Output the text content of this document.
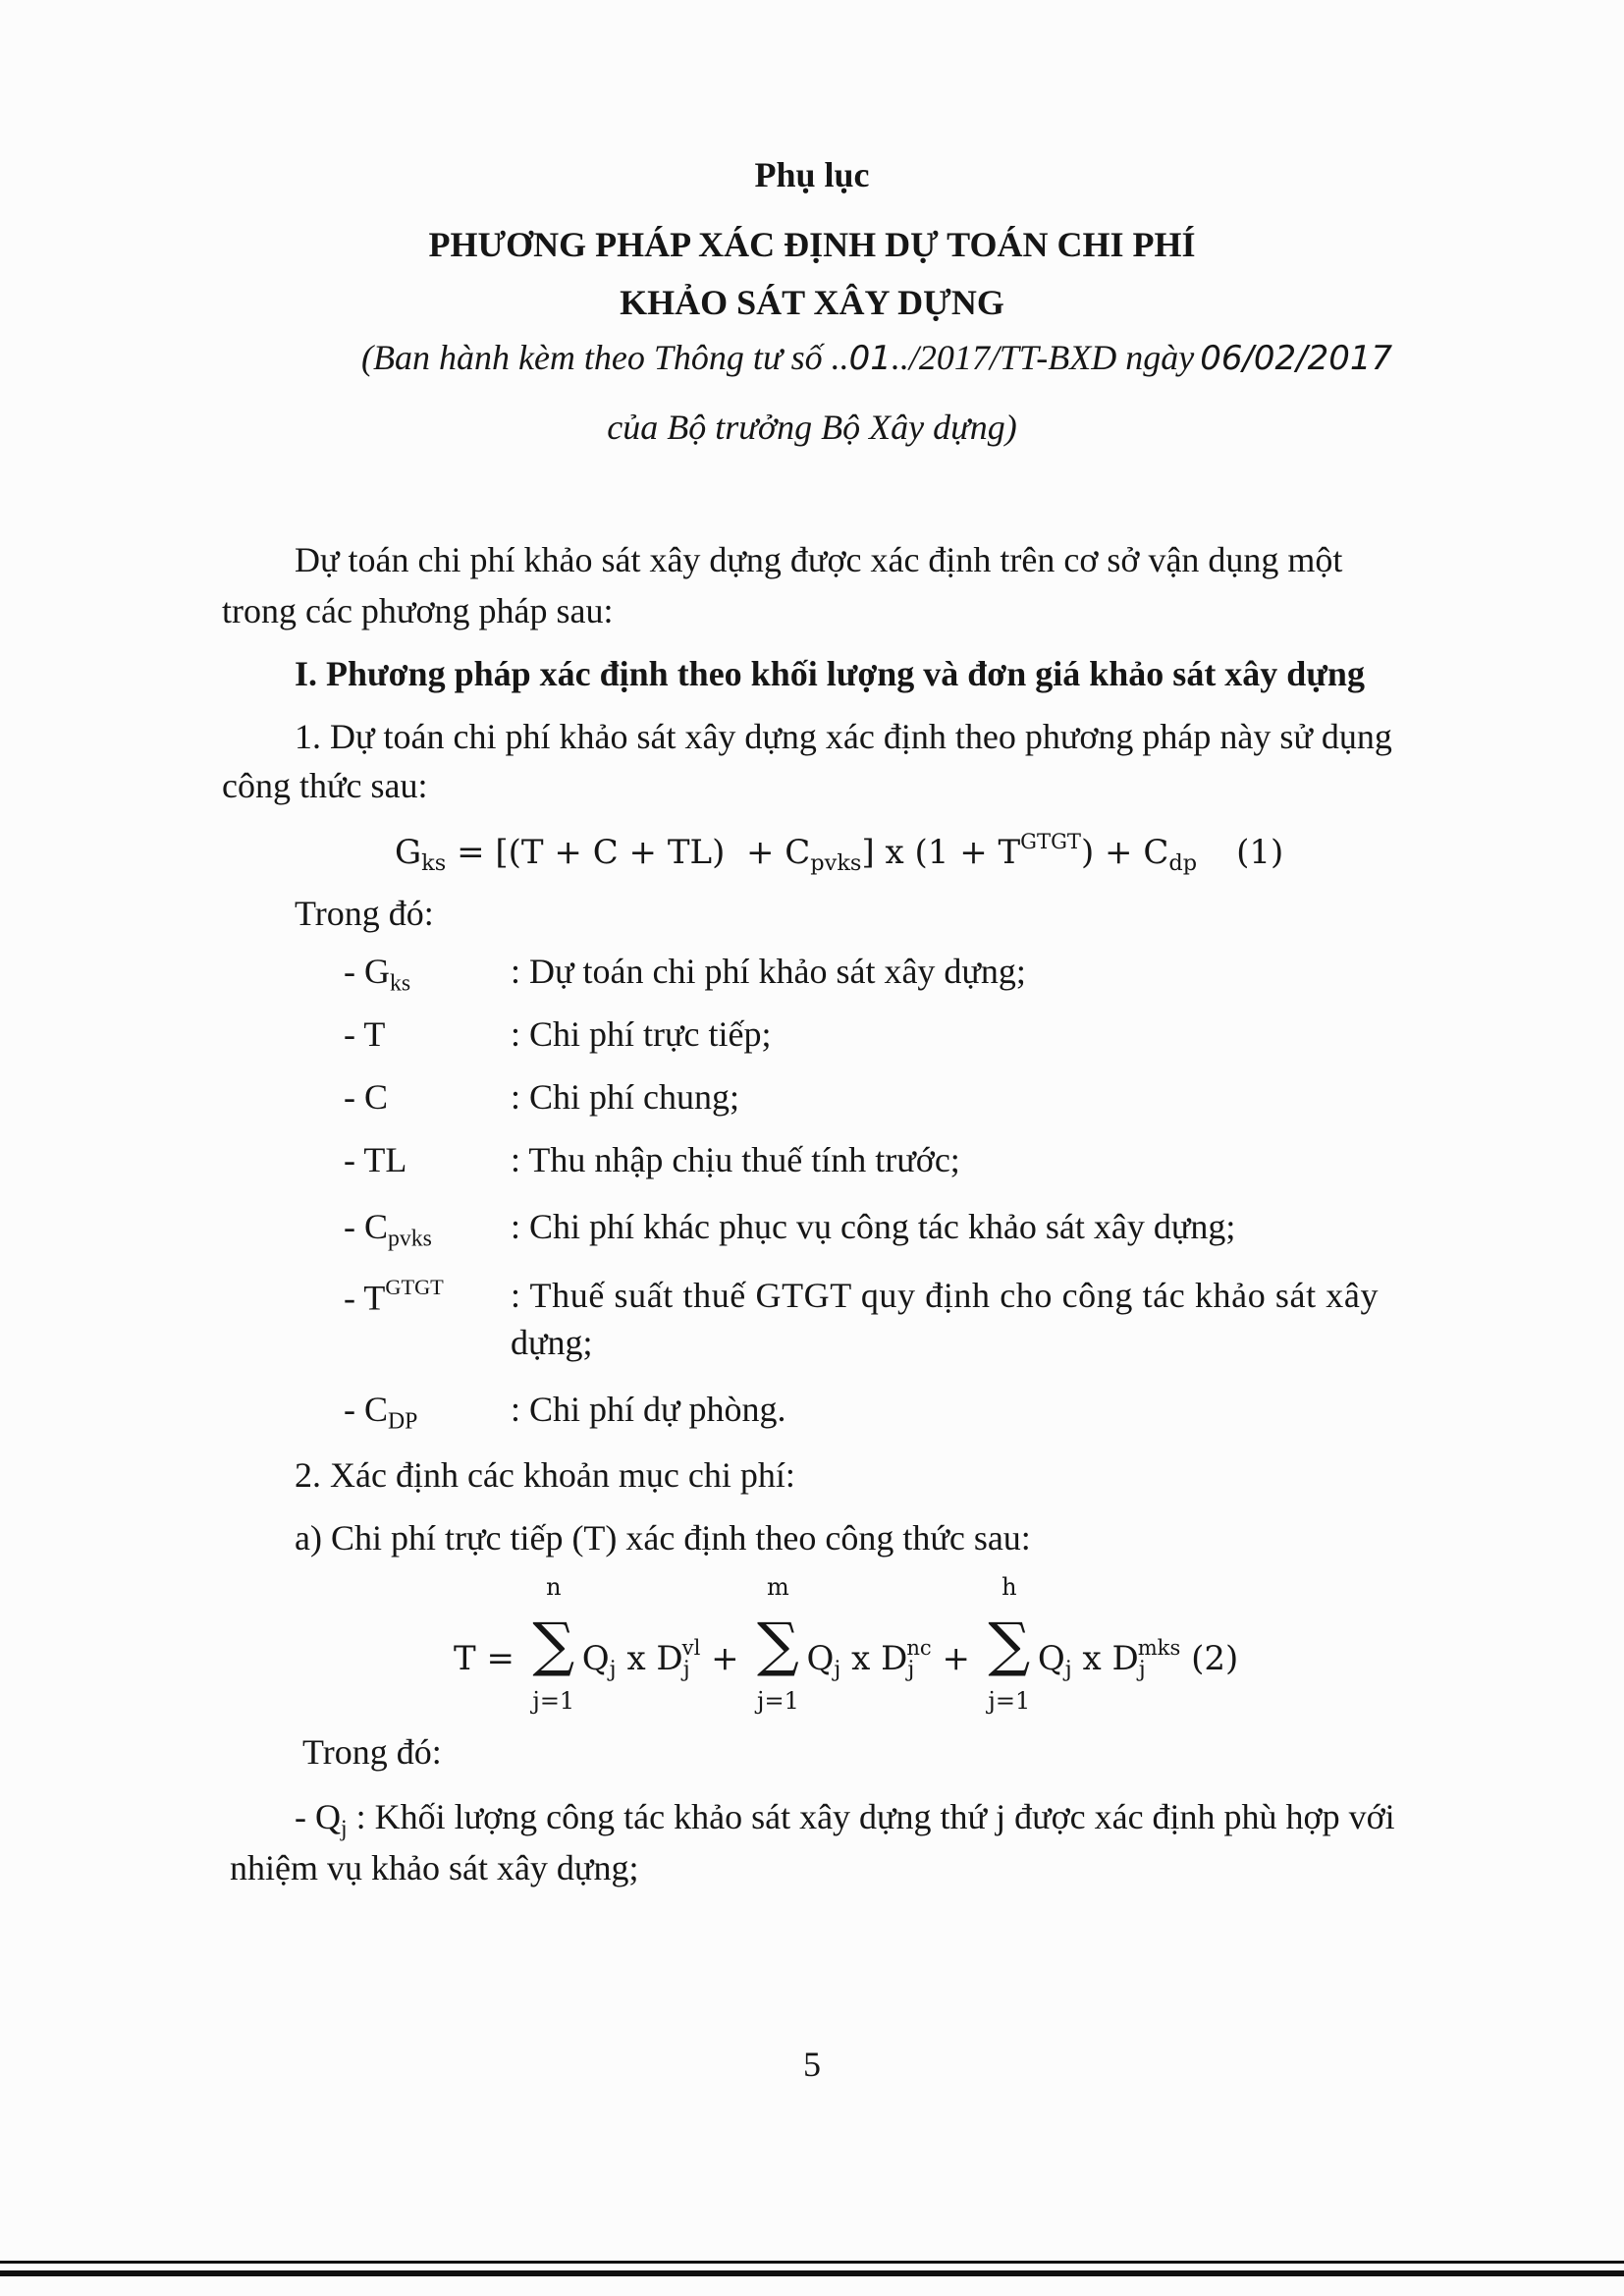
Phụ lục
PHƯƠNG PHÁP XÁC ĐỊNH DỰ TOÁN CHI PHÍ
KHẢO SÁT XÂY DỰNG
(Ban hành kèm theo Thông tư số ..01../2017/TT-BXD ngày 06/02/2017
của Bộ trưởng Bộ Xây dựng)
Dự toán chi phí khảo sát xây dựng được xác định trên cơ sở vận dụng một
trong các phương pháp sau:
I. Phương pháp xác định theo khối lượng và đơn giá khảo sát xây dựng
1. Dự toán chi phí khảo sát xây dựng xác định theo phương pháp này sử dụng
công thức sau:
$G_{ks} = [(T + C + TL) + C_{pvks}]$ x $(1 + T^{GTGT}) + C_{dp}$ (1)
Trong đó:
- $G_{ks}$	: Dự toán chi phí khảo sát xây dựng;
- T	: Chi phí trực tiếp;
- C	: Chi phí chung;
- TL	: Thu nhập chịu thuế tính trước;
- $C_{pvks}$ : Chi phí khác phục vụ công tác khảo sát xây dựng;
- $T^{GTGT}$ : Thuế suất thuế GTGT quy định cho công tác khảo sát xây
dựng;
- $C_{DP}$	: Chi phí dự phòng.
2. Xác định các khoản mục chi phí:
a) Chi phí trực tiếp (T) xác định theo công thức sau:
T =
n
∑
j=1
$Q_j$ x $D_j^{vl}$ +
m
∑
j=1
$Q_j$ x $D_j^{nc}$ +
h
∑
j=1
$Q_j$ x $D_j^{mks}$ (2)
Trong đó:
- $Q_j$ : Khối lượng công tác khảo sát xây dựng thứ j được xác định phù hợp với
nhiệm vụ khảo sát xây dựng;
5
